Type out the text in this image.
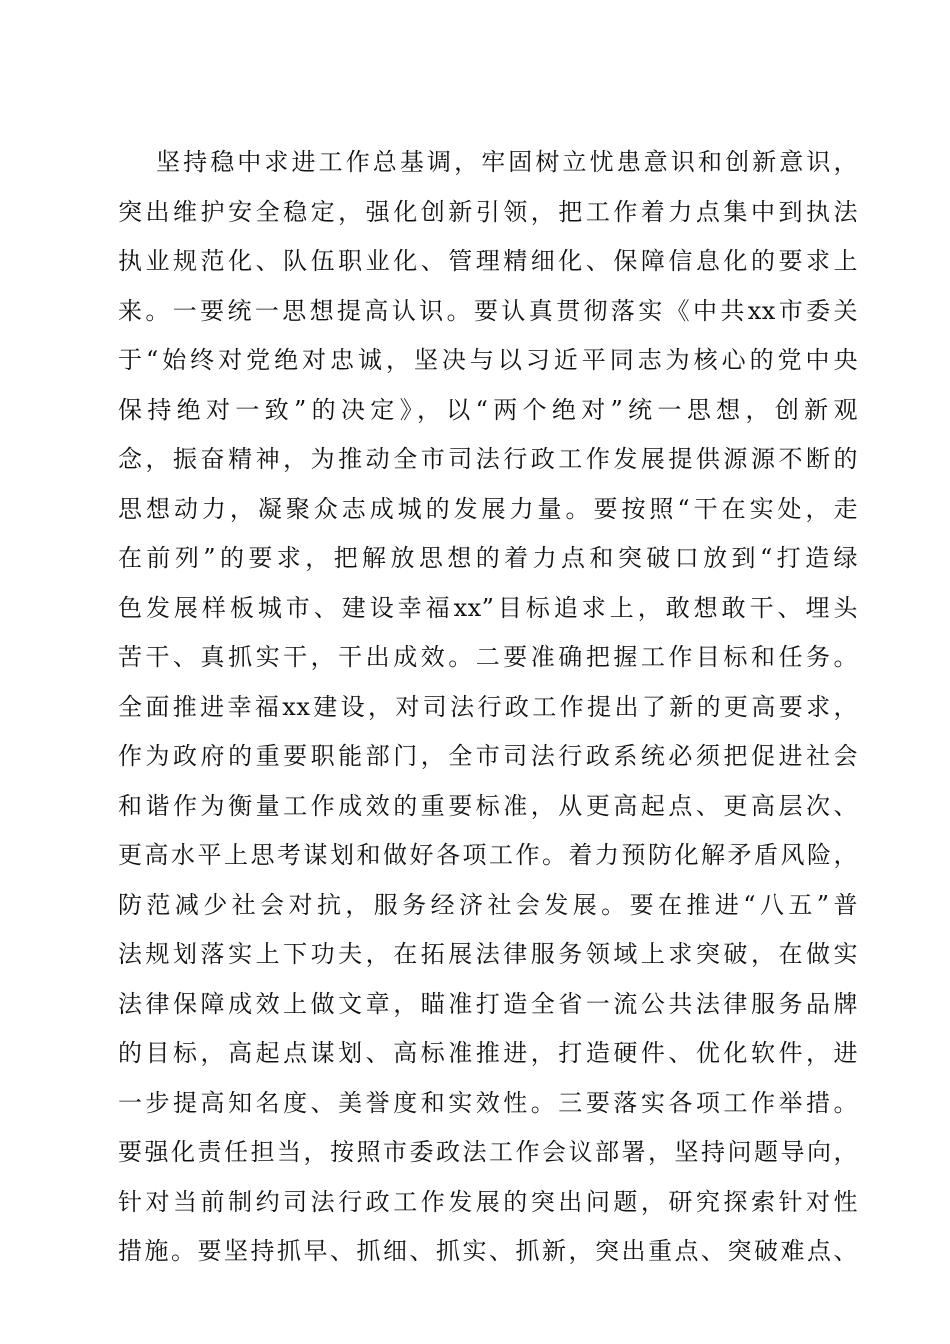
坚持稳中求进工作总基调，牢固树立忧患意识和创新意识，
突出维护安全稳定，强化创新引领，把工作着力点集中到执法
执业规范化、队伍职业化、管理精细化、保障信息化的要求上
来。一要统一思想提高认识。要认真贯彻落实《中共xx市委关
于“始终对党绝对忠诚，坚决与以习近平同志为核心的党中央
保持绝对一致”的决定》，以“两个绝对”统一思想，创新观
念，振奋精神，为推动全市司法行政工作发展提供源源不断的
思想动力，凝聚众志成城的发展力量。要按照“干在实处，走
在前列”的要求，把解放思想的着力点和突破口放到“打造绿
色发展样板城市、建设幸福xx”目标追求上，敢想敢干、埋头
苦干、真抓实干，干出成效。二要准确把握工作目标和任务。
全面推进幸福xx建设，对司法行政工作提出了新的更高要求，
作为政府的重要职能部门，全市司法行政系统必须把促进社会
和谐作为衡量工作成效的重要标准，从更高起点、更高层次、
更高水平上思考谋划和做好各项工作。着力预防化解矛盾风险，
防范减少社会对抗，服务经济社会发展。要在推进“八五”普
法规划落实上下功夫，在拓展法律服务领域上求突破，在做实
法律保障成效上做文章，瞄准打造全省一流公共法律服务品牌
的目标，高起点谋划、高标准推进，打造硬件、优化软件，进
一步提高知名度、美誉度和实效性。三要落实各项工作举措。
要强化责任担当，按照市委政法工作会议部署，坚持问题导向，
针对当前制约司法行政工作发展的突出问题，研究探索针对性
措施。要坚持抓早、抓细、抓实、抓新，突出重点、突破难点、
